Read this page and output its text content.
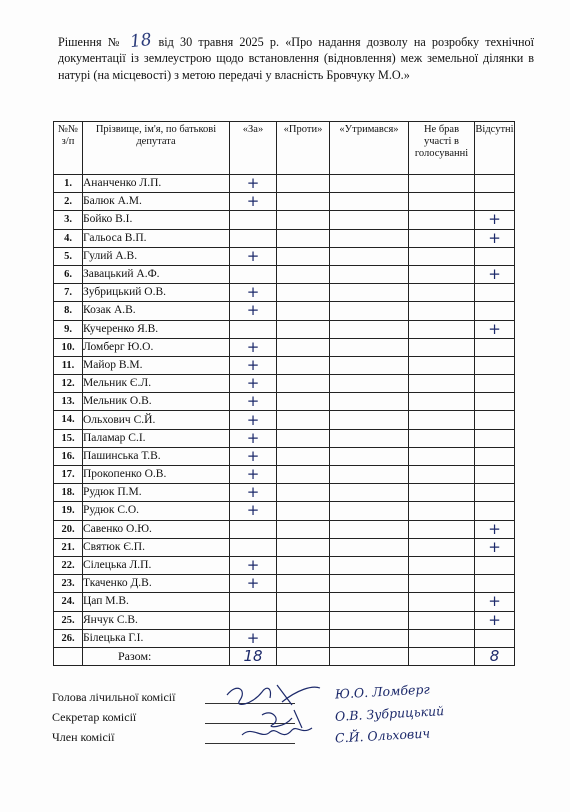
Рішення № 18 від 30 травня 2025 р. «Про надання дозволу на розробку технічної документації із землеустрою щодо встановлення (відновлення) меж земельної ділянки в натурі (на місцевості) з метою передачі у власність Бровчуку М.О.»
№№ з/п	Прізвище, ім'я, по батькові депутата	«За»	«Проти»	«Утримався»	Не брав участі в голосуванні	Відсутні
1.	Ананченко Л.П.	+				
2.	Балюк А.М.	+				
3.	Бойко В.І.					+
4.	Гальоса В.П.					+
5.	Гулий А.В.	+				
6.	Завацький А.Ф.					+
7.	Зубрицький О.В.	+				
8.	Козак А.В.	+				
9.	Кучеренко Я.В.					+
10.	Ломберг Ю.О.	+				
11.	Майор В.М.	+				
12.	Мельник Є.Л.	+				
13.	Мельник О.В.	+				
14.	Ольхович С.Й.	+				
15.	Паламар С.І.	+				
16.	Пашинська Т.В.	+				
17.	Прокопенко О.В.	+				
18.	Рудюк П.М.	+				
19.	Рудюк С.О.	+				
20.	Савенко О.Ю.					+
21.	Святюк Є.П.					+
22.	Сілецька Л.П.	+				
23.	Ткаченко Д.В.	+				
24.	Цап М.В.					+
25.	Янчук С.В.					+
26.	Білецька Г.І.	+				
	Разом:	18				8
Голова лічильної комісії
Секретар комісії
Член комісії
Ю.О. Ломберг
О.В. Зубрицький
С.Й. Ольхович
